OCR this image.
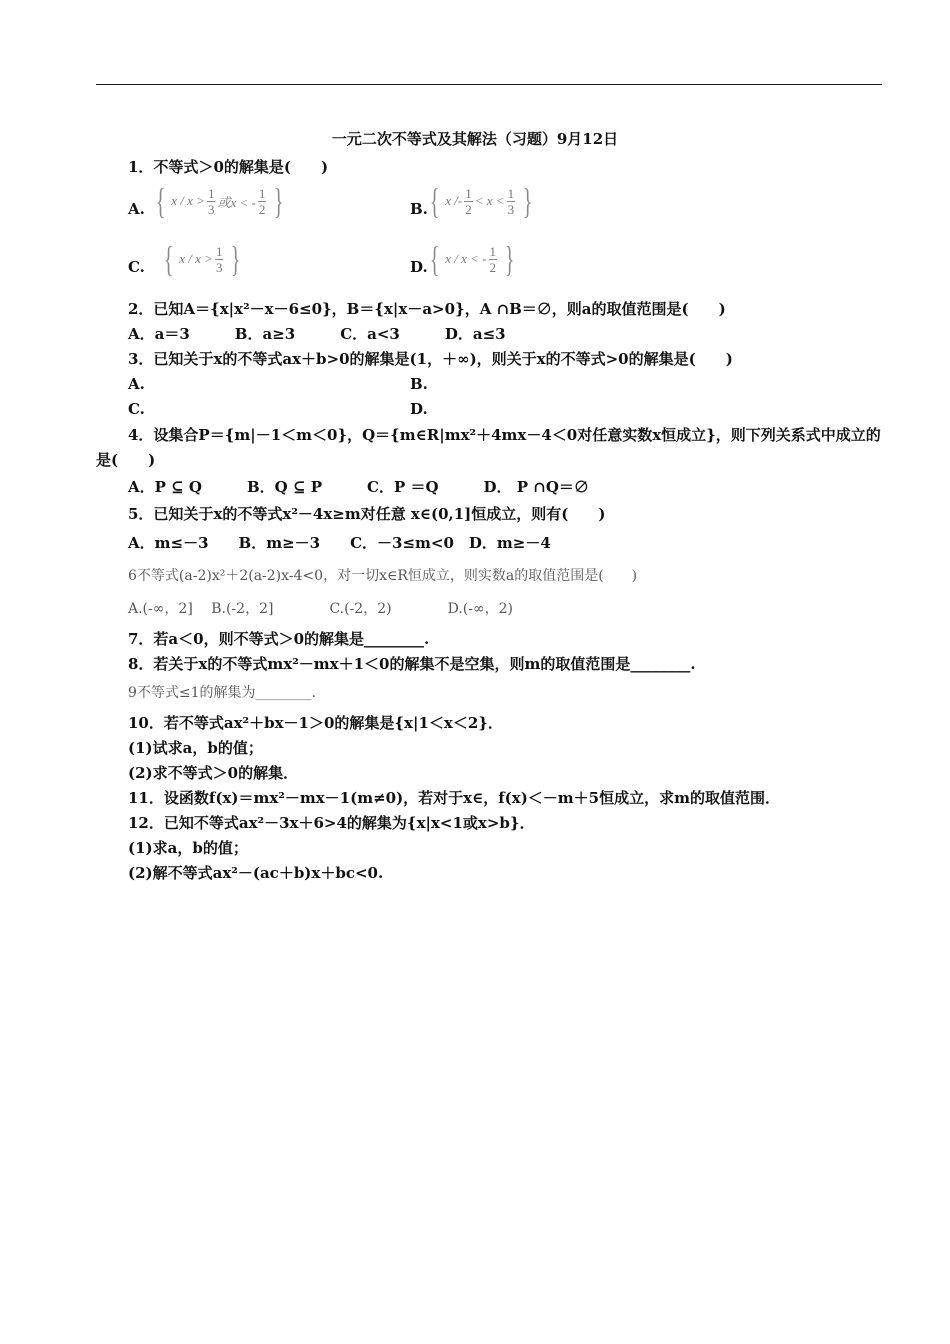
一元二次不等式及其解法（习题）9月12日
1．不等式＞0的解集是(　　)
A. { $x / x > \frac{1}{3}$ 或x < - $\frac{1}{2}$ }	B. { $x /- \frac{1}{2} < x < \frac{1}{3}$ }
C. { $x / x > \frac{1}{3}$ }	D. { x / x < - $\frac{1}{2}$ }
2．已知A＝{x|x²－x－6≤0}，B＝{x|x－a>0}，A ∩B＝∅，则a的取值范围是(　　)
A．a＝3　　　B．a≥3　　　C．a<3　　　D．a≤3
3．已知关于x的不等式ax＋b>0的解集是(1，＋∞)，则关于x的不等式>0的解集是(　　)
A.	B.
C.	D.
4．设集合P＝{m|－1＜m＜0}，Q＝{m∈R|mx²＋4mx－4＜0对任意实数x恒成立}，则下列关系式中成立的
是(　　)
A．P ⊆ Q　　　B．Q ⊆ P　　　C．P ＝Q　　　D． P ∩Q＝∅
5．已知关于x的不等式x²－4x≥m对任意 x∈(0,1]恒成立，则有(　　)
A．m≤－3　　B．m≥－3　　C．－3≤m<0　D．m≥－4
6不等式(a-2)x²＋2(a-2)x-4<0，对一切x∈R恒成立，则实数a的取值范围是(　　)
A.(-∞，2]　 B.(-2，2]　　　　C.(-2，2)　　　　D.(-∞，2)
7．若a＜0，则不等式＞0的解集是________.
8．若关于x的不等式mx²－mx＋1＜0的解集不是空集，则m的取值范围是________.
9不等式≤1的解集为________.
10．若不等式ax²＋bx－1＞0的解集是{x|1＜x＜2}．
(1)试求a，b的值；
(2)求不等式＞0的解集．
11．设函数f(x)＝mx²－mx－1(m≠0)，若对于x∈，f(x)＜－m＋5恒成立，求m的取值范围．
12．已知不等式ax²－3x＋6>4的解集为{x|x<1或x>b}．
(1)求a，b的值；
(2)解不等式ax²－(ac＋b)x＋bc<0.
